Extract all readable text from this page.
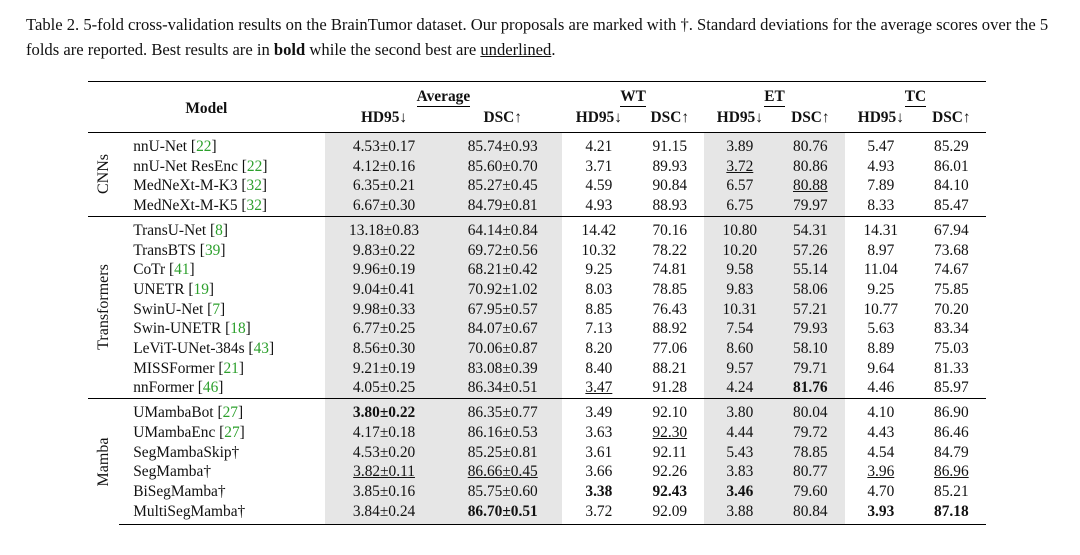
Table 2. 5-fold cross-validation results on the BrainTumor dataset. Our proposals are marked with †. Standard deviations for the average scores over the 5 folds are reported. Best results are in bold while the second best are underlined.
Model		Average		WT		ET		TC	
		HD95↓	DSC↑	HD95↓	DSC↑	HD95↓	DSC↑	HD95↓	DSC↑

CNNs	nnU-Net [22]	4.53±0.17	85.74±0.93	4.21	91.15	3.89	80.76	5.47	85.29
	nnU-Net ResEnc [22]	4.12±0.16	85.60±0.70	3.71	89.93	3.72	80.86	4.93	86.01
	MedNeXt-M-K3 [32]	6.35±0.21	85.27±0.45	4.59	90.84	6.57	80.88	7.89	84.10
	MedNeXt-M-K5 [32]	6.67±0.30	84.79±0.81	4.93	88.93	6.75	79.97	8.33	85.47

Transformers	TransU-Net [8]	13.18±0.83	64.14±0.84	14.42	70.16	10.80	54.31	14.31	67.94
	TransBTS [39]	9.83±0.22	69.72±0.56	10.32	78.22	10.20	57.26	8.97	73.68
	CoTr [41]	9.96±0.19	68.21±0.42	9.25	74.81	9.58	55.14	11.04	74.67
	UNETR [19]	9.04±0.41	70.92±1.02	8.03	78.85	9.83	58.06	9.25	75.85
	SwinU-Net [7]	9.98±0.33	67.95±0.57	8.85	76.43	10.31	57.21	10.77	70.20
	Swin-UNETR [18]	6.77±0.25	84.07±0.67	7.13	88.92	7.54	79.93	5.63	83.34
	LeViT-UNet-384s [43]	8.56±0.30	70.06±0.87	8.20	77.06	8.60	58.10	8.89	75.03
	MISSFormer [21]	9.21±0.19	83.08±0.39	8.40	88.21	9.57	79.71	9.64	81.33
	nnFormer [46]	4.05±0.25	86.34±0.51	3.47	91.28	4.24	81.76	4.46	85.97

Mamba	UMambaBot [27]	3.80±0.22	86.35±0.77	3.49	92.10	3.80	80.04	4.10	86.90
	UMambaEnc [27]	4.17±0.18	86.16±0.53	3.63	92.30	4.44	79.72	4.43	86.46
	SegMambaSkip†	4.53±0.20	85.25±0.81	3.61	92.11	5.43	78.85	4.54	84.79
	SegMamba†	3.82±0.11	86.66±0.45	3.66	92.26	3.83	80.77	3.96	86.96
	BiSegMamba†	3.85±0.16	85.75±0.60	3.38	92.43	3.46	79.60	4.70	85.21
	MultiSegMamba†	3.84±0.24	86.70±0.51	3.72	92.09	3.88	80.84	3.93	87.18
